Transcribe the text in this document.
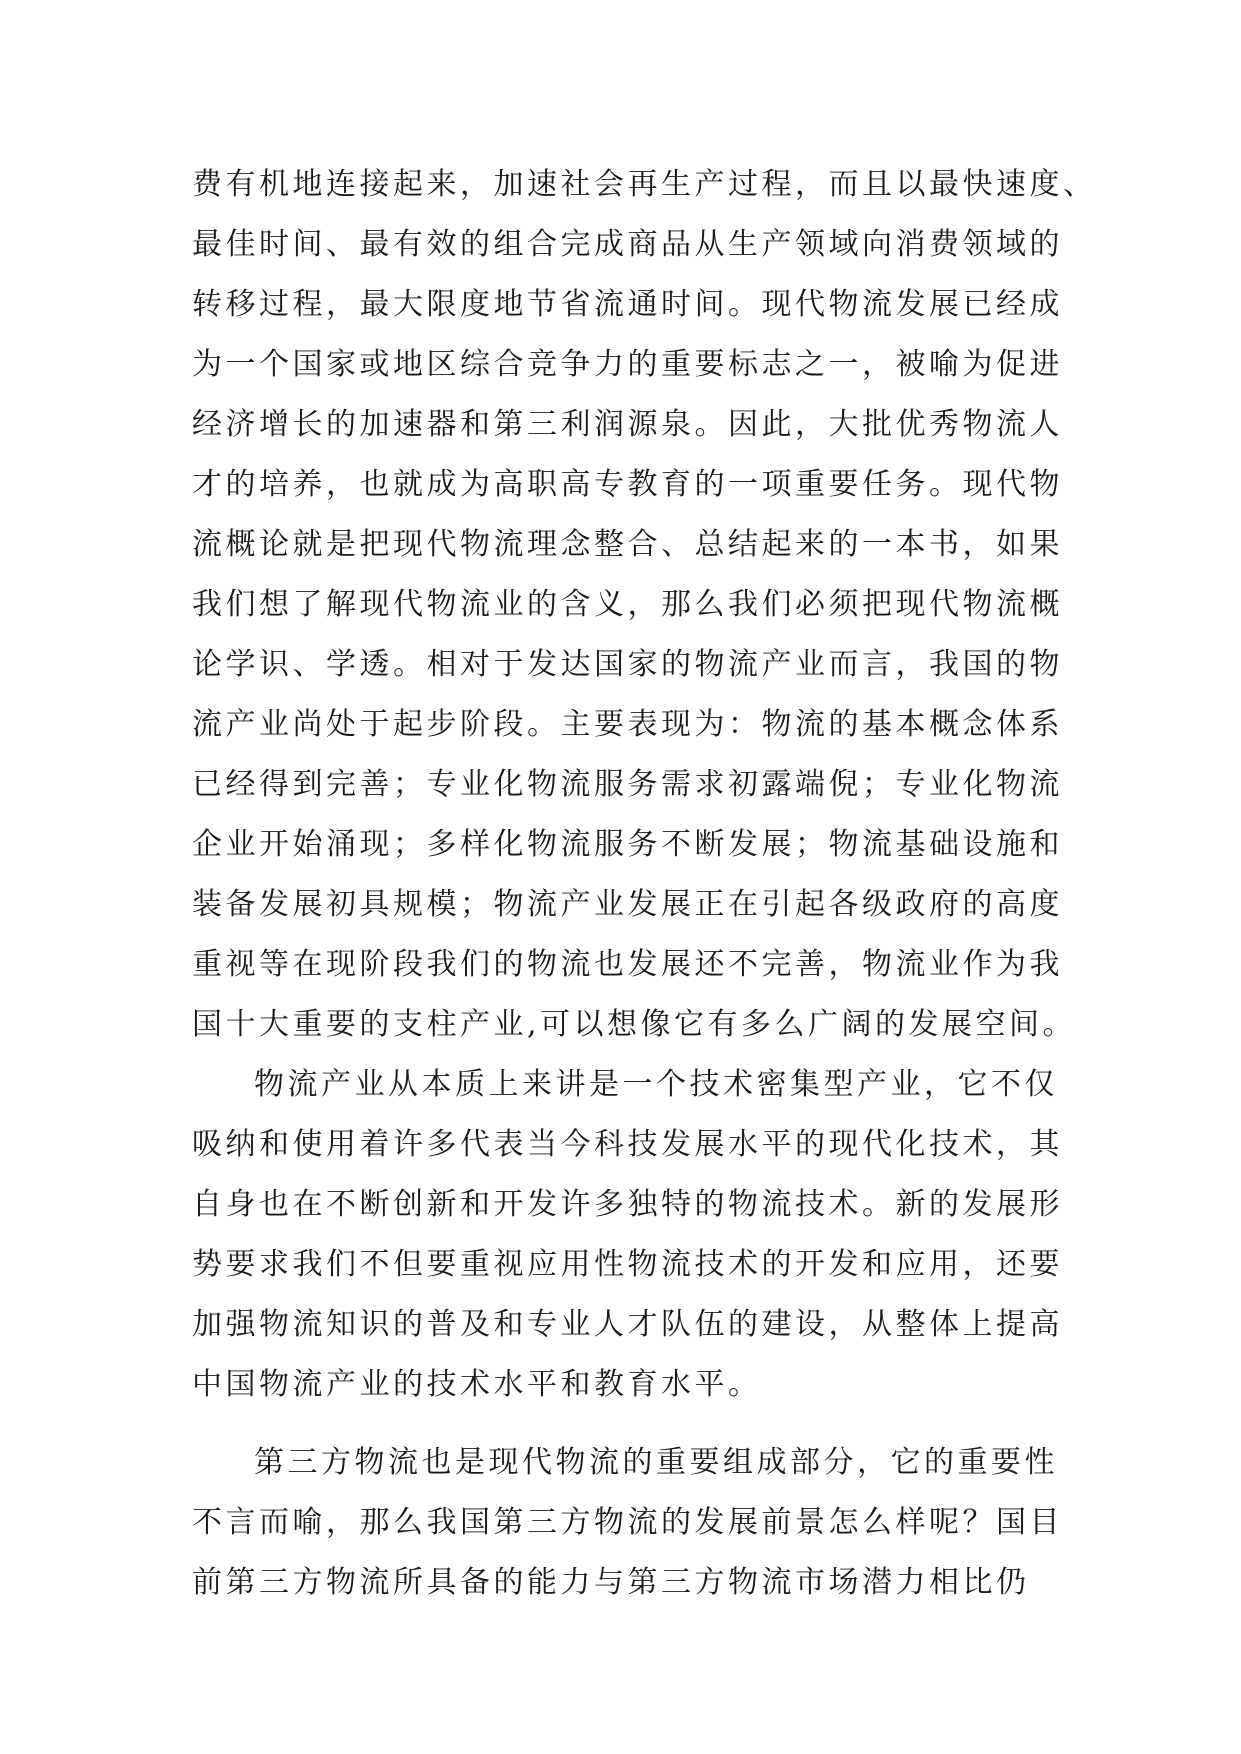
费有机地连接起来，加速社会再生产过程，而且以最快速度、
最佳时间、最有效的组合完成商品从生产领域向消费领域的
转移过程，最大限度地节省流通时间。现代物流发展已经成
为一个国家或地区综合竞争力的重要标志之一，被喻为促进
经济增长的加速器和第三利润源泉。因此，大批优秀物流人
才的培养，也就成为高职高专教育的一项重要任务。现代物
流概论就是把现代物流理念整合、总结起来的一本书，如果
我们想了解现代物流业的含义，那么我们必须把现代物流概
论学识、学透。相对于发达国家的物流产业而言，我国的物
流产业尚处于起步阶段。主要表现为：物流的基本概念体系
已经得到完善；专业化物流服务需求初露端倪；专业化物流
企业开始涌现；多样化物流服务不断发展；物流基础设施和
装备发展初具规模；物流产业发展正在引起各级政府的高度
重视等在现阶段我们的物流也发展还不完善，物流业作为我
国十大重要的支柱产业,可以想像它有多么广阔的发展空间。
物流产业从本质上来讲是一个技术密集型产业，它不仅
吸纳和使用着许多代表当今科技发展水平的现代化技术，其
自身也在不断创新和开发许多独特的物流技术。新的发展形
势要求我们不但要重视应用性物流技术的开发和应用，还要
加强物流知识的普及和专业人才队伍的建设，从整体上提高
中国物流产业的技术水平和教育水平。
第三方物流也是现代物流的重要组成部分，它的重要性
不言而喻，那么我国第三方物流的发展前景怎么样呢？国目
前第三方物流所具备的能力与第三方物流市场潜力相比仍
